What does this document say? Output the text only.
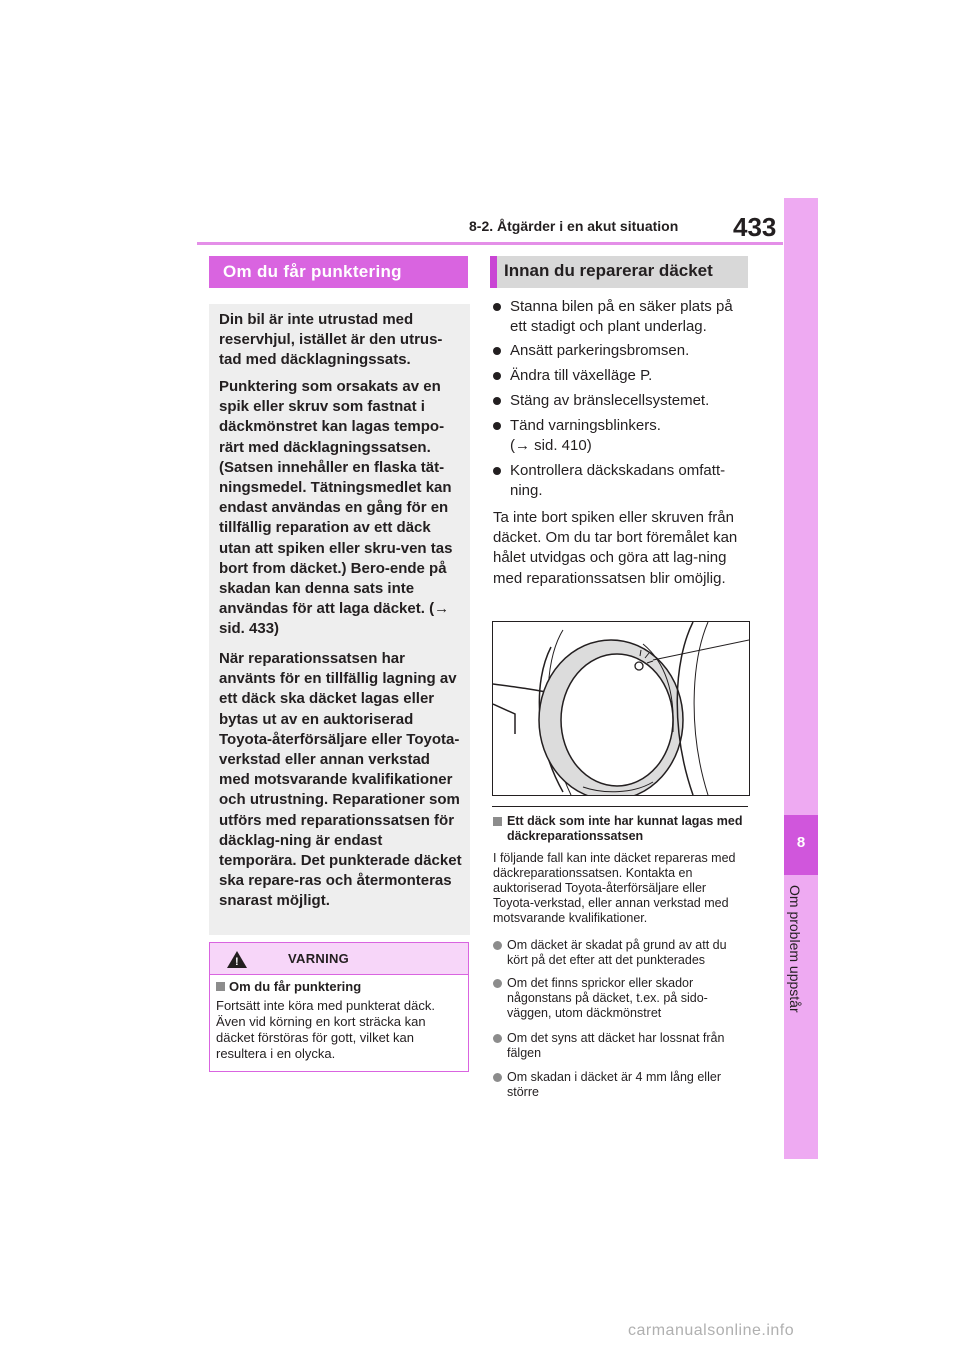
8-2. Åtgärder i en akut situation 433
8
Om problem uppstår
Om du får punktering
Din bil är inte utrustad med reservhjul, istället är den utrus-tad med däcklagningssats.
Punktering som orsakats av en spik eller skruv som fastnat i däckmönstret kan lagas tempo-rärt med däcklagningssatsen. (Satsen innehåller en flaska tät-ningsmedel. Tätningsmedlet kan endast användas en gång för en tillfällig reparation av ett däck utan att spiken eller skru-ven tas bort from däcket.) Bero-ende på skadan kan denna sats inte användas för att laga däcket. (→ sid. 433)
När reparationssatsen har använts för en tillfällig lagning av ett däck ska däcket lagas eller bytas ut av en auktoriserad Toyota-återförsäljare eller Toyota-verkstad eller annan verkstad med motsvarande kvalifikationer och utrustning. Reparationer som utförs med reparationssatsen för däcklag-ning är endast temporära. Det punkterade däcket ska repare-ras och återmonteras snarast möjligt.
!	VARNING
Om du får punktering
Fortsätt inte köra med punkterat däck. Även vid körning en kort sträcka kan däcket förstöras för gott, vilket kan resultera i en olycka.
Innan du reparerar däcket
Stanna bilen på en säker plats på ett stadigt och plant underlag.
Ansätt parkeringsbromsen.
Ändra till växelläge P.
Stäng av bränslecellsystemet.
Tänd varningsblinkers. (→ sid. 410)
Kontrollera däckskadans omfatt-ning.
Ta inte bort spiken eller skruven från däcket. Om du tar bort föremålet kan hålet utvidgas och göra att lag-ning med reparationssatsen blir omöjlig.
Ett däck som inte har kunnat lagas med däckreparationssatsen
I följande fall kan inte däcket repareras med däckreparationssatsen. Kontakta en auktoriserad Toyota-återförsäljare eller Toyota-verkstad, eller annan verkstad med motsvarande kvalifikationer.
Om däcket är skadat på grund av att du kört på det efter att det punkterades
Om det finns sprickor eller skador någonstans på däcket, t.ex. på sido-väggen, utom däckmönstret
Om det syns att däcket har lossnat från fälgen
Om skadan i däcket är 4 mm lång eller större
carmanualsonline.info
